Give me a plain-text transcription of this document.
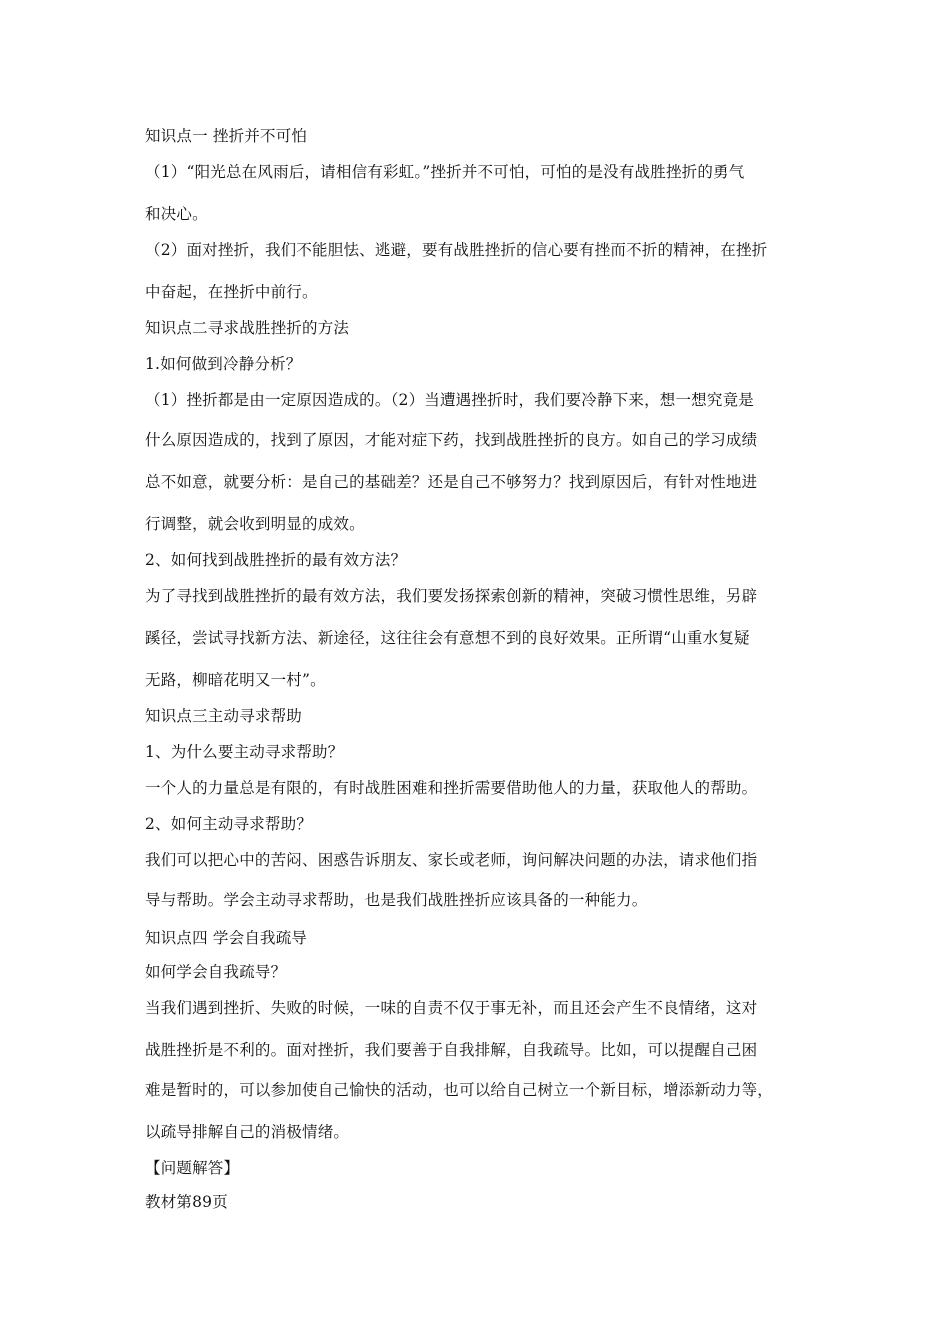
知识点一 挫折并不可怕
（1）“阳光总在风雨后，请相信有彩虹。”挫折并不可怕，可怕的是没有战胜挫折的勇气
和决心。
（2）面对挫折，我们不能胆怯、逃避，要有战胜挫折的信心要有挫而不折的精神，在挫折
中奋起，在挫折中前行。
知识点二寻求战胜挫折的方法
1.如何做到冷静分析？
（1）挫折都是由一定原因造成的。（2）当遭遇挫折时，我们要冷静下来，想一想究竟是
什么原因造成的，找到了原因，才能对症下药，找到战胜挫折的良方。如自己的学习成绩
总不如意，就要分析：是自己的基础差？还是自己不够努力？找到原因后，有针对性地进
行调整，就会收到明显的成效。
2、如何找到战胜挫折的最有效方法？
为了寻找到战胜挫折的最有效方法，我们要发扬探索创新的精神，突破习惯性思维，另辟
蹊径，尝试寻找新方法、新途径，这往往会有意想不到的良好效果。正所谓“山重水复疑
无路，柳暗花明又一村”。
知识点三主动寻求帮助
1、为什么要主动寻求帮助？
一个人的力量总是有限的，有时战胜困难和挫折需要借助他人的力量，获取他人的帮助。
2、如何主动寻求帮助？
我们可以把心中的苦闷、困惑告诉朋友、家长或老师，询问解决问题的办法，请求他们指
导与帮助。学会主动寻求帮助，也是我们战胜挫折应该具备的一种能力。
知识点四 学会自我疏导
如何学会自我疏导？
当我们遇到挫折、失败的时候，一味的自责不仅于事无补，而且还会产生不良情绪，这对
战胜挫折是不利的。面对挫折，我们要善于自我排解，自我疏导。比如，可以提醒自己困
难是暂时的，可以参加使自己愉快的活动，也可以给自己树立一个新目标，增添新动力等，
以疏导排解自己的消极情绪。
【问题解答】
教材第89页
